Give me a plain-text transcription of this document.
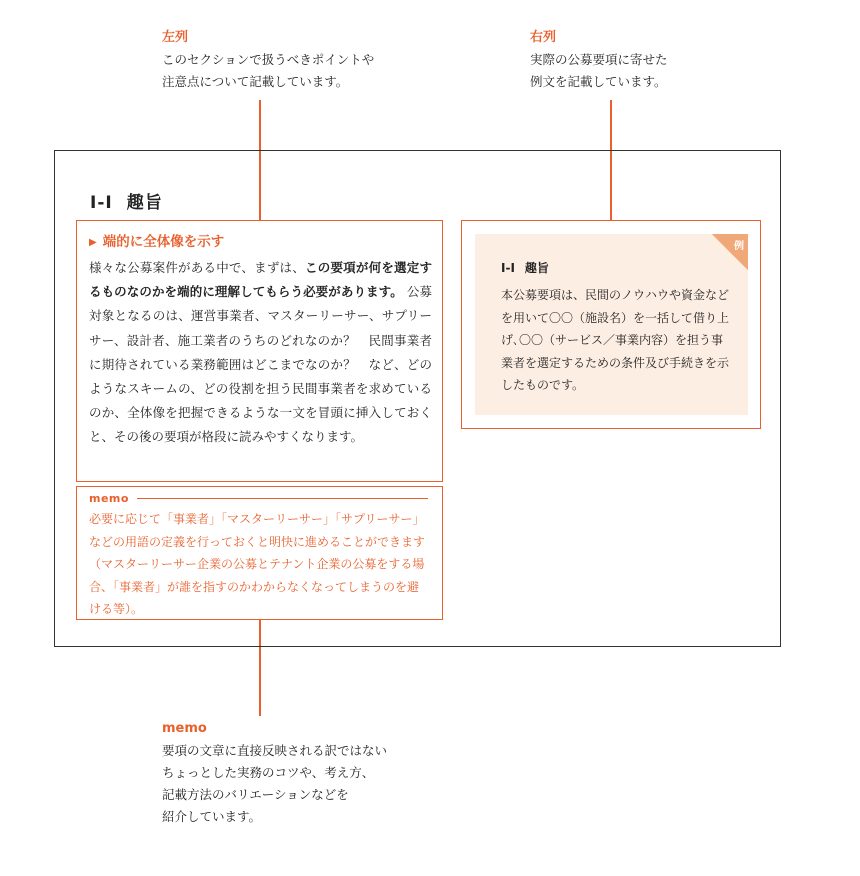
左列
このセクションで扱うべきポイントや
注意点について記載しています。
右列
実際の公募要項に寄せた
例文を記載しています。
I-I 趣旨
▶ 端的に全体像を示す
様々な公募案件がある中で、まずは、この要項が何を選定するものなのかを端的に理解してもらう必要があります。 公募対象となるのは、運営事業者、マスターリーサー、サプリーサー、設計者、施工業者のうちのどれなのか？　民間事業者に期待されている業務範囲はどこまでなのか？　など、どのようなスキームの、どの役割を担う民間事業者を求めているのか、全体像を把握できるような一文を冒頭に挿入しておくと、その後の要項が格段に読みやすくなります。
memo
必要に応じて「事業者」「マスターリーサー」「サプリーサー」などの用語の定義を行っておくと明快に進めることができます（マスターリーサー企業の公募とテナント企業の公募をする場合、「事業者」が誰を指すのかわからなくなってしまうのを避ける等）。
例
I-I 趣旨
本公募要項は、民間のノウハウや資金などを用いて〇〇（施設名）を一括して借り上げ､〇〇（サービス／事業内容）を担う事業者を選定するための条件及び手続きを示したものです。
memo
要項の文章に直接反映される訳ではない
ちょっとした実務のコツや、考え方、
記載方法のバリエーションなどを
紹介しています。
